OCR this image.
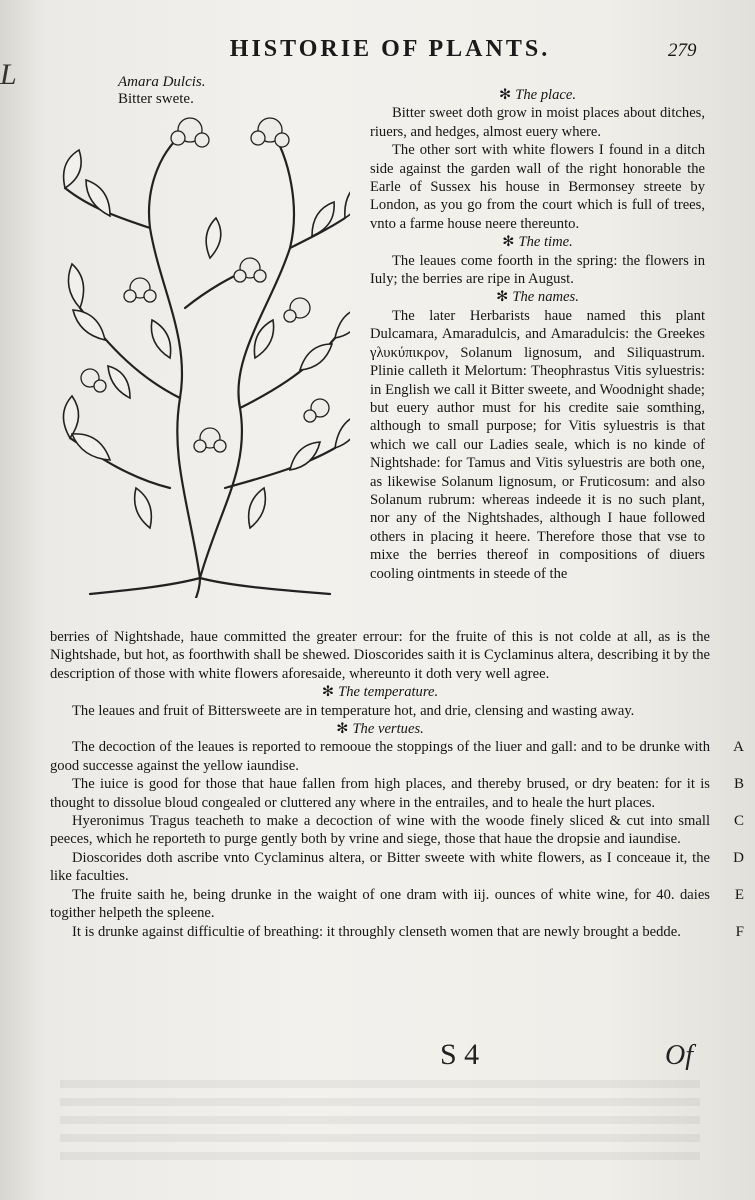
L
HISTORIE OF PLANTS.	279
Amara Dulcis.
Bitter swete.	✻ The place.

Bitter sweet doth grow in moist places about ditches, riuers, and hedges, almost euery where.

The other sort with white flowers I found in a ditch side against the garden wall of the right honorable the Earle of Sussex his house in Bermonsey streete by London, as you go from the court which is full of trees, vnto a farme house neere thereunto.

✻ The time.

The leaues come foorth in the spring: the flowers in Iuly; the berries are ripe in August.

✻ The names.

The later Herbarists haue named this plant Dulcamara, Amaradulcis, and Amaradulcis: the Greekes γλυκύπικρον, Solanum lignosum, and Siliquastrum. Plinie calleth it Melortum: Theophrastus Vitis syluestris: in English we call it Bitter sweete, and Woodnight shade; but euery author must for his credite saie somthing, although to small purpose; for Vitis syluestris is that which we call our Ladies seale, which is no kinde of Nightshade: for Tamus and Vitis syluestris are both one, as likewise Solanum lignosum, or Fruticosum: and also Solanum rubrum: whereas indeede it is no such plant, nor any of the Nightshades, although I haue followed others in placing it heere. Therefore those that vse to mixe the berries thereof in compositions of diuers cooling ointments in steede of the

berries of Nightshade, haue committed the greater errour: for the fruite of this is not colde at all, as is the Nightshade, but hot, as foorthwith shall be shewed. Dioscorides saith it is Cyclaminus altera, describing it by the description of those with white flowers aforesaide, whereunto it doth very well agree.

✻ The temperature.

The leaues and fruit of Bittersweete are in temperature hot, and drie, clensing and wasting away.

✻ The vertues.

The decoction of the leaues is reported to remooue the stoppings of the liuer and gall: and to be drunke with good successe against the yellow iaundise.
A

The iuice is good for those that haue fallen from high places, and thereby brused, or dry beaten: for it is thought to dissolue bloud congealed or cluttered any where in the entrailes, and to heale the hurt places.
B

Hyeronimus Tragus teacheth to make a decoction of wine with the woode finely sliced & cut into small peeces, which he reporteth to purge gently both by vrine and siege, those that haue the dropsie and iaundise.
C

Dioscorides doth ascribe vnto Cyclaminus altera, or Bitter sweete with white flowers, as I conceaue it, the like faculties.
D

The fruite saith he, being drunke in the waight of one dram with iij. ounces of white wine, for 40. daies togither helpeth the spleene.
E

It is drunke against difficultie of breathing: it throughly clenseth women that are newly brought a bedde.	F

S 4	Of
